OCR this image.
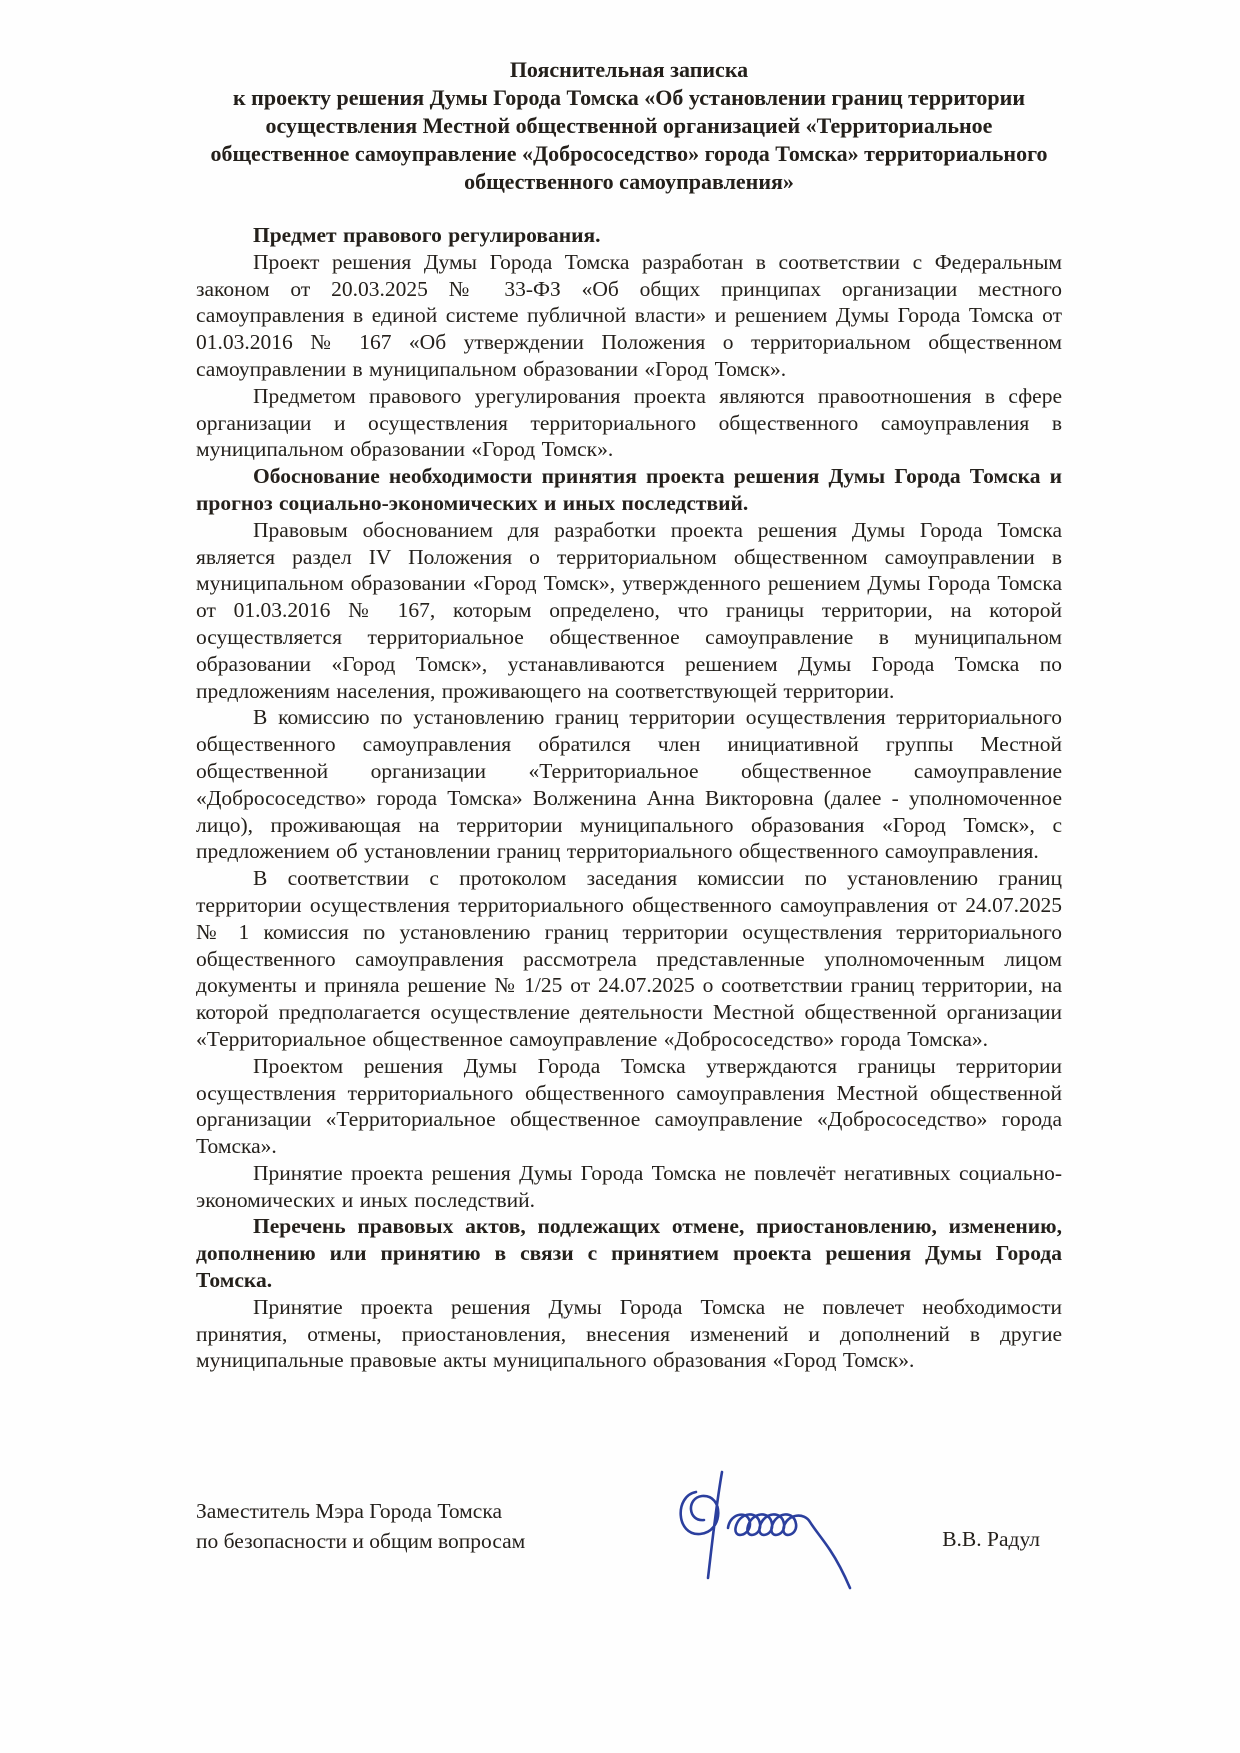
Пояснительная записка
к проекту решения Думы Города Томска «Об установлении границ территории осуществления Местной общественной организацией «Территориальное общественное самоуправление «Добрососедство» города Томска» территориального общественного самоуправления»

Предмет правового регулирования.

Проект решения Думы Города Томска разработан в соответствии с Федеральным законом от 20.03.2025 № 33-ФЗ «Об общих принципах организации местного самоуправления в единой системе публичной власти» и решением Думы Города Томска от 01.03.2016 № 167 «Об утверждении Положения о территориальном общественном самоуправлении в муниципальном образовании «Город Томск».

Предметом правового урегулирования проекта являются правоотношения в сфере организации и осуществления территориального общественного самоуправления в муниципальном образовании «Город Томск».

Обоснование необходимости принятия проекта решения Думы Города Томска и прогноз социально-экономических и иных последствий.

Правовым обоснованием для разработки проекта решения Думы Города Томска является раздел IV Положения о территориальном общественном самоуправлении в муниципальном образовании «Город Томск», утвержденного решением Думы Города Томска от 01.03.2016 № 167, которым определено, что границы территории, на которой осуществляется территориальное общественное самоуправление в муниципальном образовании «Город Томск», устанавливаются решением Думы Города Томска по предложениям населения, проживающего на соответствующей территории.

В комиссию по установлению границ территории осуществления территориального общественного самоуправления обратился член инициативной группы Местной общественной организации «Территориальное общественное самоуправление «Добрососедство» города Томска» Волженина Анна Викторовна (далее - уполномоченное лицо), проживающая на территории муниципального образования «Город Томск», с предложением об установлении границ территориального общественного самоуправления.

В соответствии с протоколом заседания комиссии по установлению границ территории осуществления территориального общественного самоуправления от 24.07.2025 № 1 комиссия по установлению границ территории осуществления территориального общественного самоуправления рассмотрела представленные уполномоченным лицом документы и приняла решение № 1/25 от 24.07.2025 о соответствии границ территории, на которой предполагается осуществление деятельности Местной общественной организации «Территориальное общественное самоуправление «Добрососедство» города Томска».

Проектом решения Думы Города Томска утверждаются границы территории осуществления территориального общественного самоуправления Местной общественной организации «Территориальное общественное самоуправление «Добрососедство» города Томска».

Принятие проекта решения Думы Города Томска не повлечёт негативных социально-экономических и иных последствий.

Перечень правовых актов, подлежащих отмене, приостановлению, изменению, дополнению или принятию в связи с принятием проекта решения Думы Города Томска.

Принятие проекта решения Думы Города Томска не повлечет необходимости принятия, отмены, приостановления, внесения изменений и дополнений в другие муниципальные правовые акты муниципального образования «Город Томск».

Заместитель Мэра Города Томска
по безопасности и общим вопросам	В.В. Радул
